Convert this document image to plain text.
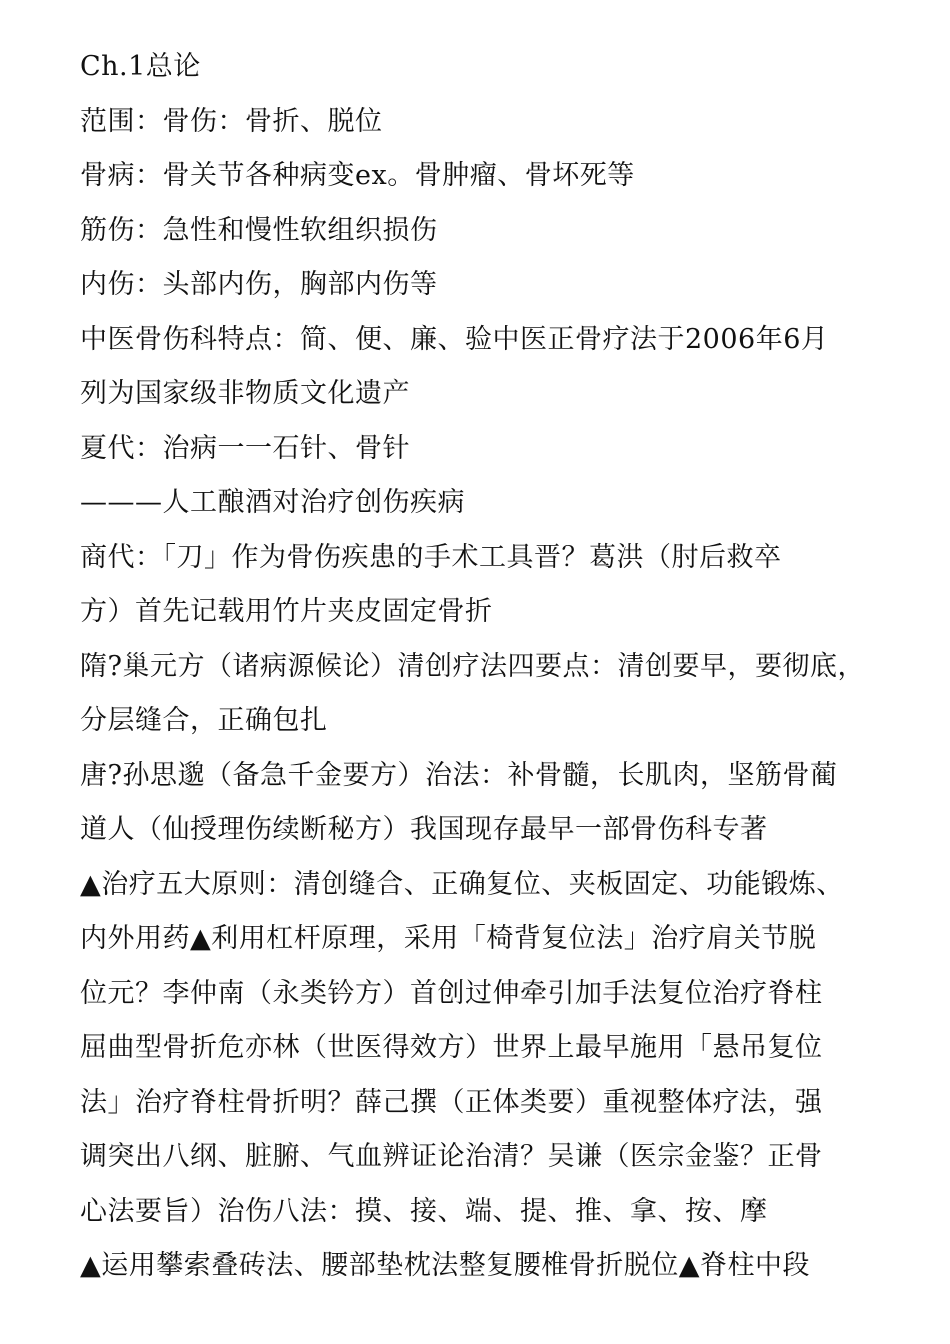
Ch.1总论
范围：骨伤：骨折、脱位
骨病：骨关节各种病变ex。骨肿瘤、骨坏死等
筋伤：急性和慢性软组织损伤
内伤：头部内伤，胸部内伤等
中医骨伤科特点：简、便、廉、验中医正骨疗法于2006年6月
列为国家级非物质文化遗产
夏代：治病一一石针、骨针
———人工酿酒对治疗创伤疾病
商代：「刀」作为骨伤疾患的手术工具晋？葛洪（肘后救卒
方）首先记载用竹片夹皮固定骨折
隋?巢元方（诸病源候论）清创疗法四要点：清创要早，要彻底，
分层缝合，正确包扎
唐?孙思邈（备急千金要方）治法：补骨髓，长肌肉，坚筋骨蔺
道人（仙授理伤续断秘方）我国现存最早一部骨伤科专著
▲治疗五大原则：清创缝合、正确复位、夹板固定、功能锻炼、
内外用药▲利用杠杆原理，采用「椅背复位法」治疗肩关节脱
位元？李仲南（永类钤方）首创过伸牵引加手法复位治疗脊柱
屈曲型骨折危亦林（世医得效方）世界上最早施用「悬吊复位
法」治疗脊柱骨折明？薛己撰（正体类要）重视整体疗法，强
调突出八纲、脏腑、气血辨证论治清？吴谦（医宗金鉴？正骨
心法要旨）治伤八法：摸、接、端、提、推、拿、按、摩
▲运用攀索叠砖法、腰部垫枕法整复腰椎骨折脱位▲脊柱中段
